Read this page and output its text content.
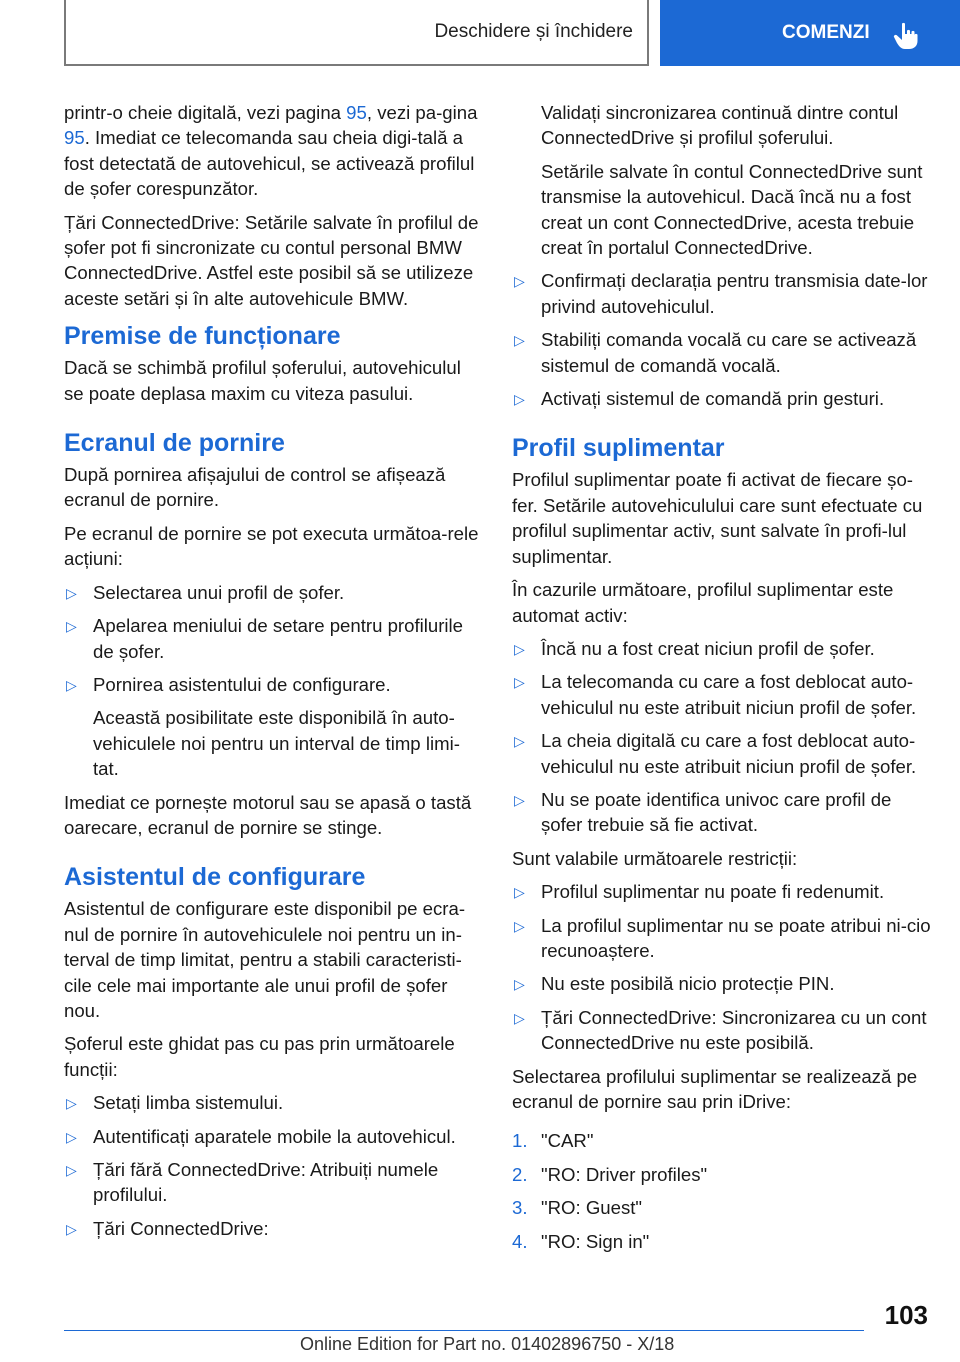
Deschidere și închidere	COMENZI

printr-o cheie digitală, vezi pagina 95, vezi pa-gina 95. Imediat ce telecomanda sau cheia digi-tală a fost detectată de autovehicul, se activează profilul de șofer corespunzător.

Țări ConnectedDrive: Setările salvate în profilul de șofer pot fi sincronizate cu contul personal BMW ConnectedDrive. Astfel este posibil să se utilizeze aceste setări și în alte autovehicule BMW.

Premise de funcționare

Dacă se schimbă profilul șoferului, autovehiculul se poate deplasa maxim cu viteza pasului.

Ecranul de pornire

După pornirea afișajului de control se afișează ecranul de pornire.

Pe ecranul de pornire se pot executa următoa-rele acțiuni:

▷ Selectarea unui profil de șofer.
▷ Apelarea meniului de setare pentru profilurile de șofer.
▷ Pornirea asistentului de configurare.
Această posibilitate este disponibilă în auto-vehiculele noi pentru un interval de timp limi-tat.

Imediat ce pornește motorul sau se apasă o tastă oarecare, ecranul de pornire se stinge.

Asistentul de configurare

Asistentul de configurare este disponibil pe ecra-nul de pornire în autovehiculele noi pentru un in-terval de timp limitat, pentru a stabili caracteristi-cile cele mai importante ale unui profil de șofer nou.

Șoferul este ghidat pas cu pas prin următoarele funcții:

▷ Setați limba sistemului.
▷ Autentificați aparatele mobile la autovehicul.
▷ Țări fără ConnectedDrive: Atribuiți numele profilului.
▷ Țări ConnectedDrive:
Validați sincronizarea continuă dintre contul ConnectedDrive și profilul șoferului.
Setările salvate în contul ConnectedDrive sunt transmise la autovehicul. Dacă încă nu a fost creat un cont ConnectedDrive, acesta trebuie creat în portalul ConnectedDrive.
▷ Confirmați declarația pentru transmisia date-lor privind autovehiculul.
▷ Stabiliți comanda vocală cu care se activează sistemul de comandă vocală.
▷ Activați sistemul de comandă prin gesturi.
Profil suplimentar

Profilul suplimentar poate fi activat de fiecare șo-fer. Setările autovehiculului care sunt efectuate cu profilul suplimentar activ, sunt salvate în profi-lul suplimentar.

În cazurile următoare, profilul suplimentar este automat activ:

▷ Încă nu a fost creat niciun profil de șofer.
▷ La telecomanda cu care a fost deblocat auto-vehiculul nu este atribuit niciun profil de șofer.
▷ La cheia digitală cu care a fost deblocat auto-vehiculul nu este atribuit niciun profil de șofer.
▷ Nu se poate identifica univoc care profil de șofer trebuie să fie activat.

Sunt valabile următoarele restricții:

▷ Profilul suplimentar nu poate fi redenumit.
▷ La profilul suplimentar nu se poate atribui ni-cio recunoaștere.
▷ Nu este posibilă nicio protecție PIN.
▷ Țări ConnectedDrive: Sincronizarea cu un cont ConnectedDrive nu este posibilă.

Selectarea profilului suplimentar se realizează pe ecranul de pornire sau prin iDrive:

1. "CAR"
2. "RO: Driver profiles"
3. "RO: Guest"
4. "RO: Sign in"
103
Online Edition for Part no. 01402896750 - X/18
